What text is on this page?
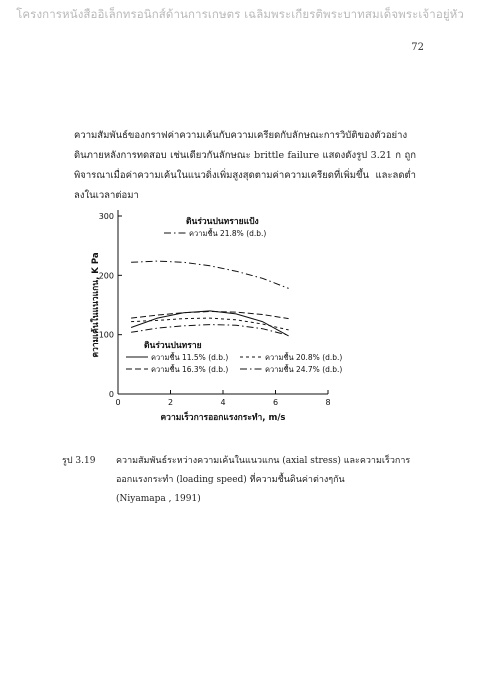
โครงการหนังสืออิเล็กทรอนิกส์ด้านการเกษตร เฉลิมพระเกียรติพระบาทสมเด็จพระเจ้าอยู่หัว
72

ความสัมพันธ์ของกราฟค่าความเค้นกับความเครียดกับลักษณะการวิบัติของตัวอย่างดินภายหลังการทดสอบ เช่นเดียวกันลักษณะ brittle failure แสดงดังรูป 3.21 ก ถูกพิจารณาเมื่อค่าความเค้นในแนวดิ่งเพิ่มสูงสุดตามค่าความเครียดที่เพิ่มขึ้น และลดต่ำลงในเวลาต่อมา

0	2	4	6	8
0
100
200
300
ความเร็วการออกแรงกระทำ, m/s
ความเค้นในแนวแกน, K Pa
ดินร่วนปนทรายแป้ง
ความชื้น 21.8% (d.b.)
ดินร่วนปนทราย
ความชื้น 11.5% (d.b.)
ความชื้น 16.3% (d.b.)
ความชื้น 20.8% (d.b.)
ความชื้น 24.7% (d.b.)
รูป 3.19 ความสัมพันธ์ระหว่างความเค้นในแนวแกน (axial stress) และความเร็วการออกแรงกระทำ (loading speed) ที่ความชื้นดินค่าต่างๆกัน
(Niyamapa , 1991)
